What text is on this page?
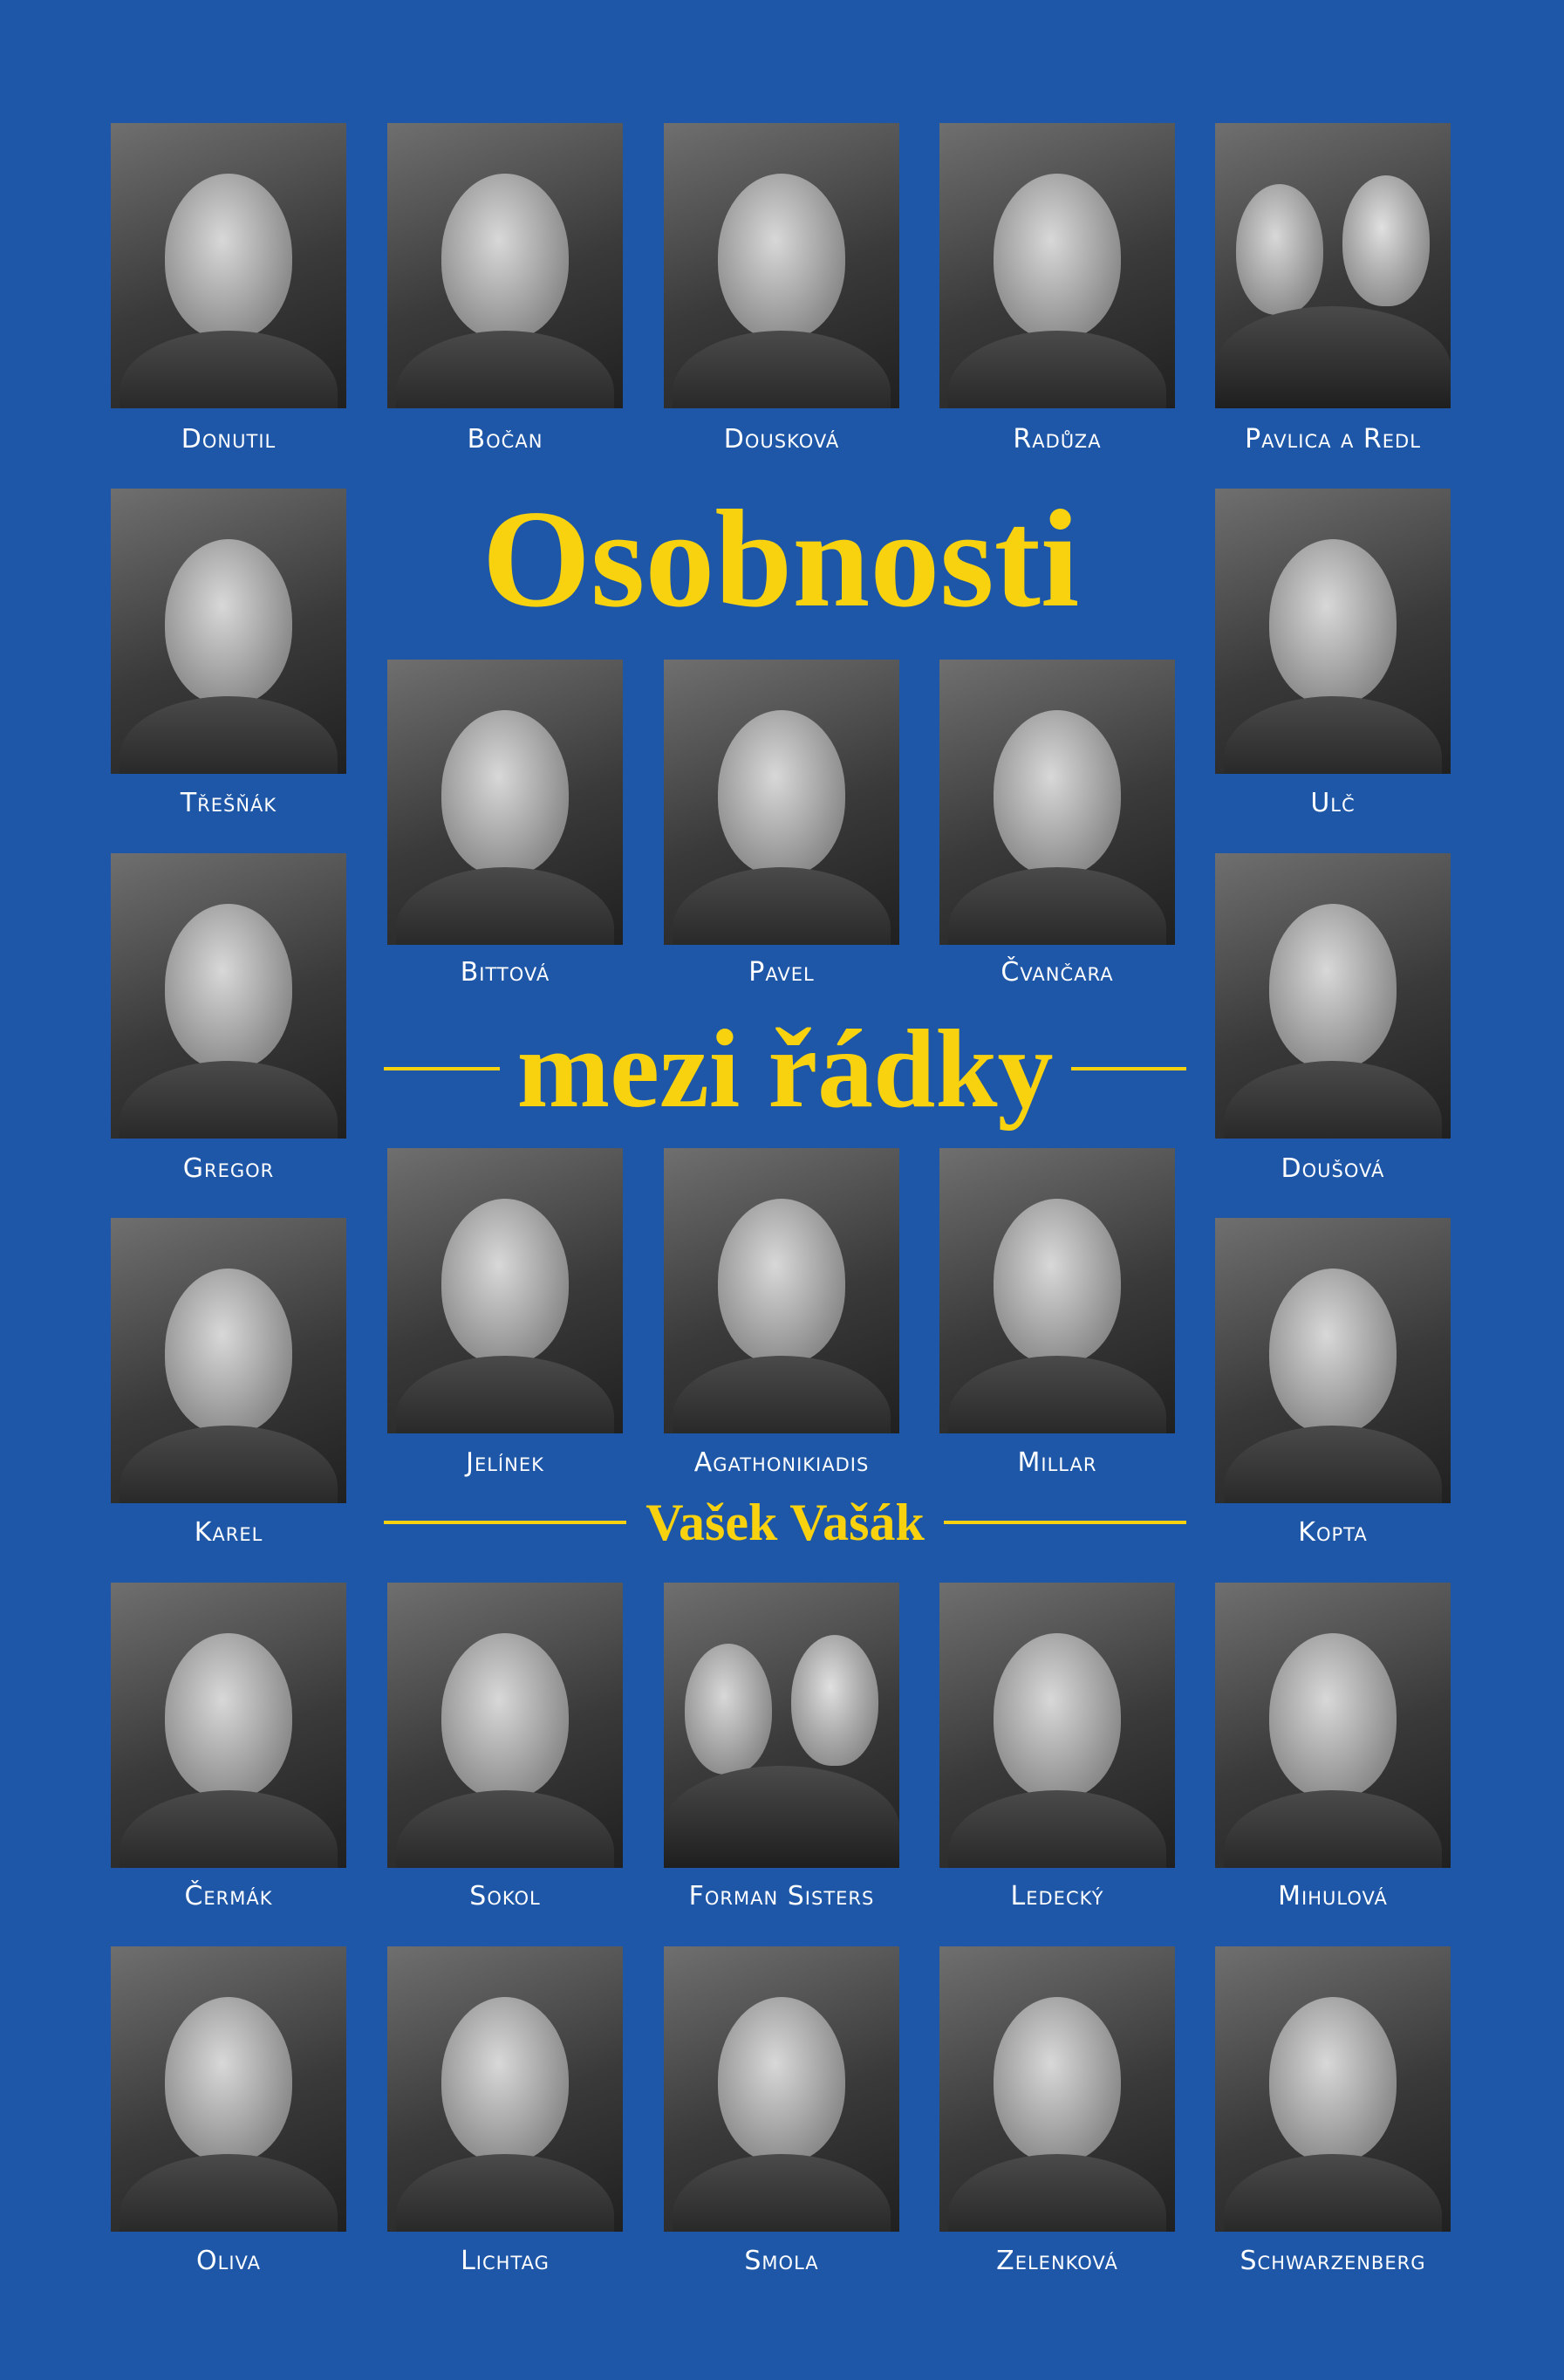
Donutil	Bočan	Dousková	Radůza	Pavlica a Redl
Osobnosti
Třešňák	Ulč
Bittová	Pavel	Čvančara
Gregor	Doušová
mezi řádky
Jelínek	Agathonikiadis	Millar
Karel	Kopta
Vašek Vašák
Čermák	Sokol	Forman Sisters	Ledecký	Mihulová
Oliva	Lichtag	Smola	Zelenková	Schwarzenberg
